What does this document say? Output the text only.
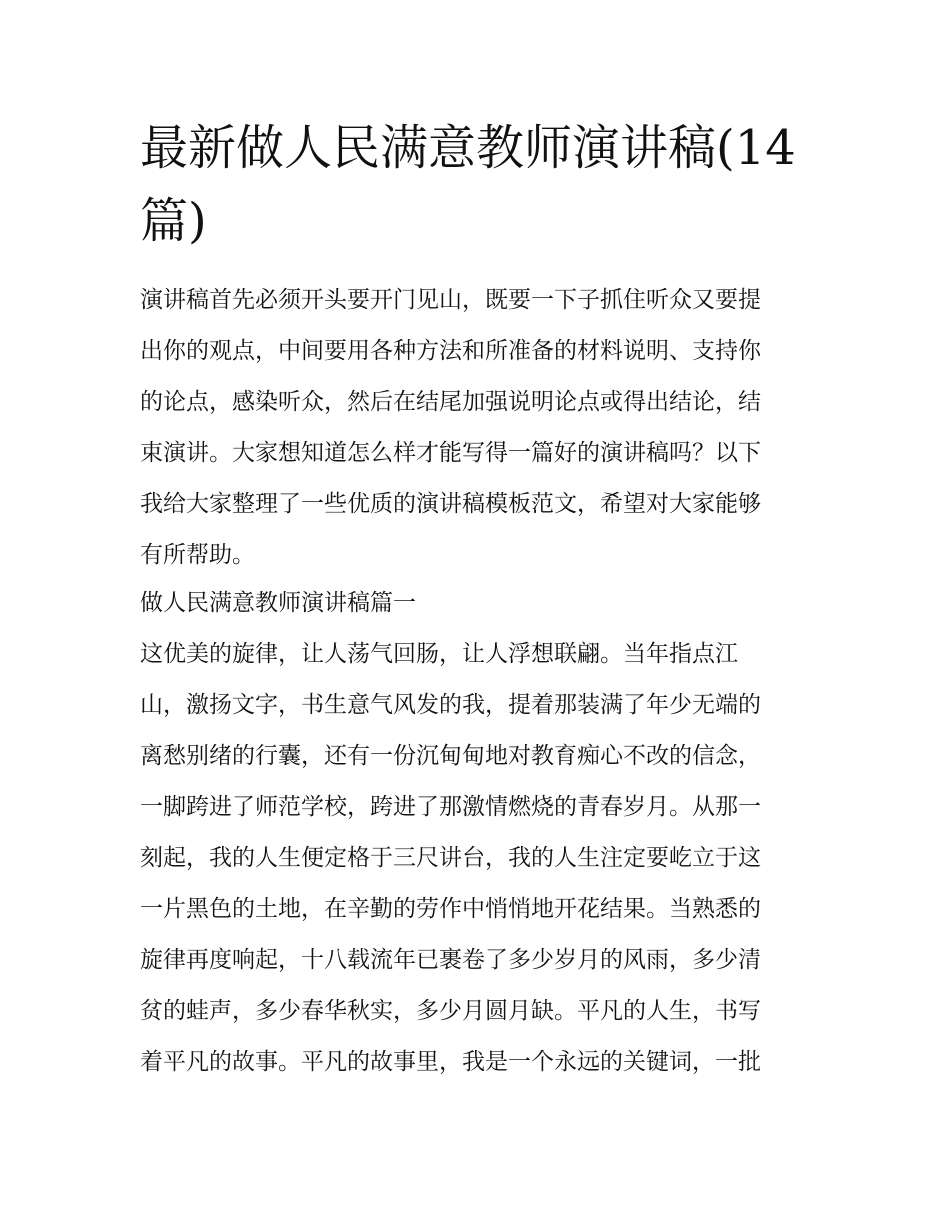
最新做人民满意教师演讲稿(14
篇)
演讲稿首先必须开头要开门见山，既要一下子抓住听众又要提
出你的观点，中间要用各种方法和所准备的材料说明、支持你
的论点，感染听众，然后在结尾加强说明论点或得出结论，结
束演讲。大家想知道怎么样才能写得一篇好的演讲稿吗？以下
我给大家整理了一些优质的演讲稿模板范文，希望对大家能够
有所帮助。
做人民满意教师演讲稿篇一
这优美的旋律，让人荡气回肠，让人浮想联翩。当年指点江
山，激扬文字，书生意气风发的我，提着那装满了年少无端的
离愁别绪的行囊，还有一份沉甸甸地对教育痴心不改的信念，
一脚跨进了师范学校，跨进了那激情燃烧的青春岁月。从那一
刻起，我的人生便定格于三尺讲台，我的人生注定要屹立于这
一片黑色的土地，在辛勤的劳作中悄悄地开花结果。当熟悉的
旋律再度响起，十八载流年已裹卷了多少岁月的风雨，多少清
贫的蛙声，多少春华秋实，多少月圆月缺。平凡的人生，书写
着平凡的故事。平凡的故事里，我是一个永远的关键词，一批
